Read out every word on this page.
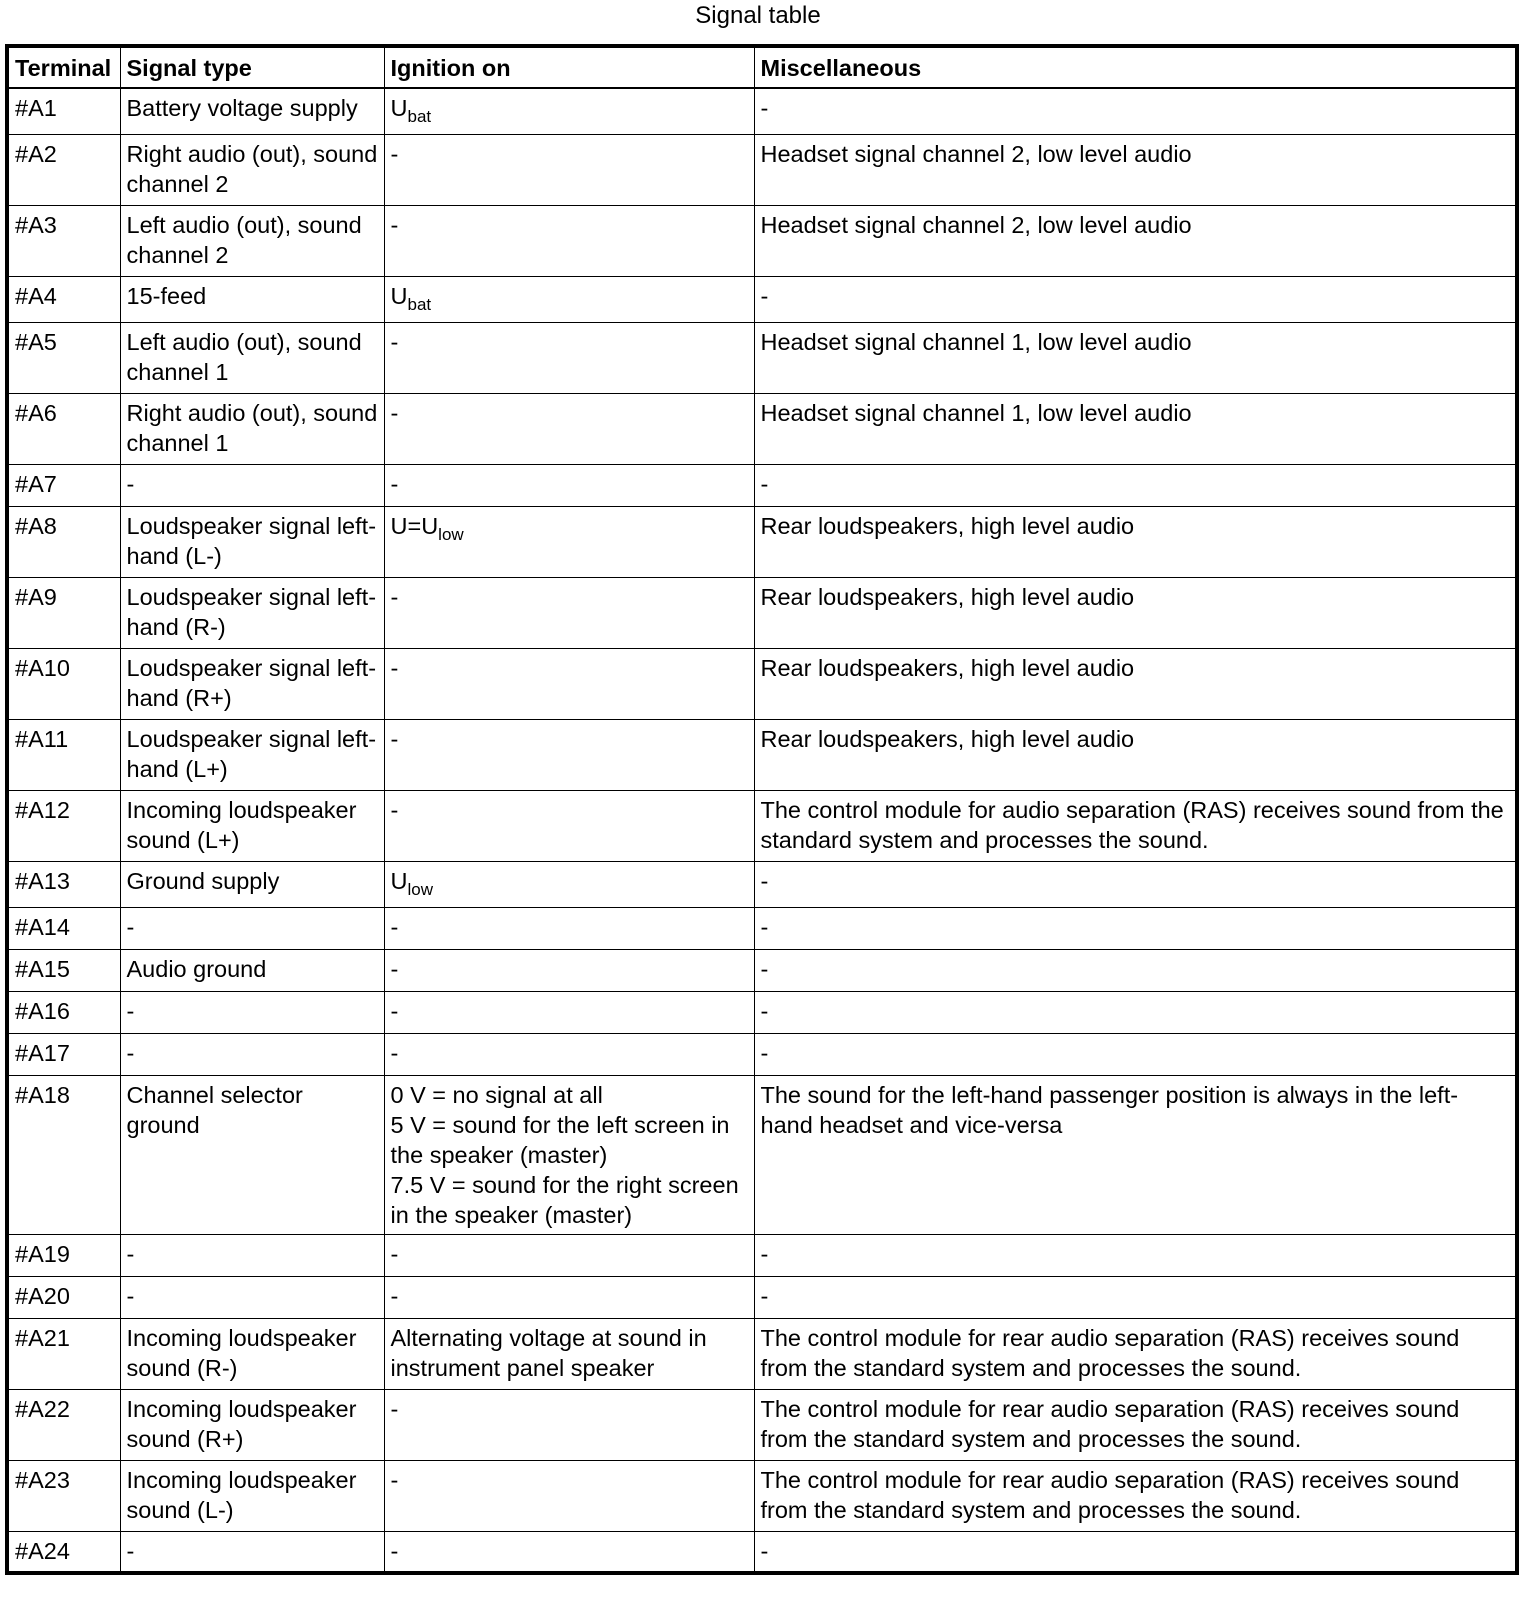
Signal table
Terminal	Signal type	Ignition on	Miscellaneous
#A1	Battery voltage supply	$U_{bat}$	-
#A2	Right audio (out), sound channel 2	-	Headset signal channel 2, low level audio
#A3	Left audio (out), sound channel 2	-	Headset signal channel 2, low level audio
#A4	15-feed	$U_{bat}$	-
#A5	Left audio (out), sound channel 1	-	Headset signal channel 1, low level audio
#A6	Right audio (out), sound channel 1	-	Headset signal channel 1, low level audio
#A7	-	-	-
#A8	Loudspeaker signal left-hand (L-)	$U=U_{low}$	Rear loudspeakers, high level audio
#A9	Loudspeaker signal left-hand (R-)	-	Rear loudspeakers, high level audio
#A10	Loudspeaker signal left-hand (R+)	-	Rear loudspeakers, high level audio
#A11	Loudspeaker signal left-hand (L+)	-	Rear loudspeakers, high level audio
#A12	Incoming loudspeaker sound (L+)	-	The control module for audio separation (RAS) receives sound from the standard system and processes the sound.
#A13	Ground supply	$U_{low}$	-
#A14	-	-	-
#A15	Audio ground	-	-
#A16	-	-	-
#A17	-	-	-
#A18	Channel selector ground	0 V = no signal at all
5 V = sound for the left screen in the speaker (master)
7.5 V = sound for the right screen in the speaker (master)	The sound for the left-hand passenger position is always in the left-hand headset and vice-versa
#A19	-	-	-
#A20	-	-	-
#A21	Incoming loudspeaker sound (R-)	Alternating voltage at sound in instrument panel speaker	The control module for rear audio separation (RAS) receives sound from the standard system and processes the sound.
#A22	Incoming loudspeaker sound (R+)	-	The control module for rear audio separation (RAS) receives sound from the standard system and processes the sound.
#A23	Incoming loudspeaker sound (L-)	-	The control module for rear audio separation (RAS) receives sound from the standard system and processes the sound.
#A24	-	-	-
